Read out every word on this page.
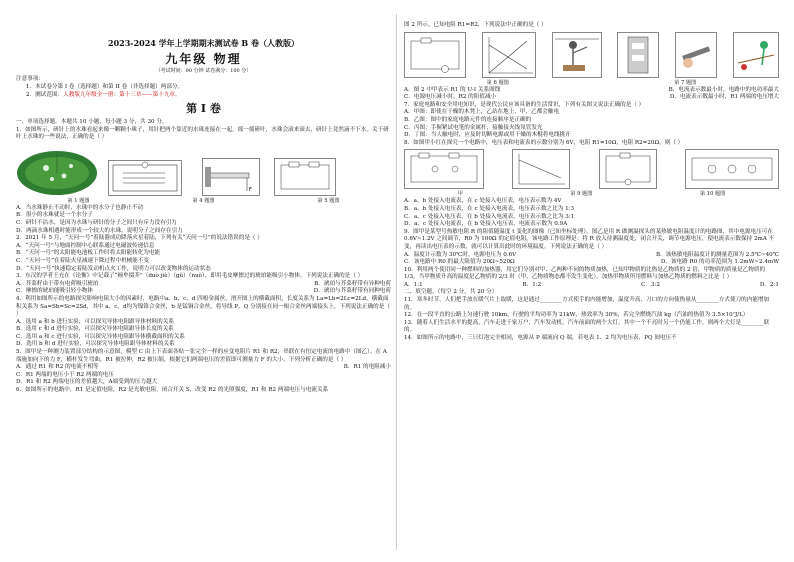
2023-2024 学年上学期期末测试卷 B 卷（人教版）
九年级 物理
（考试时间：90 分钟 试卷满分：100 分）

注意事项：

1．本试卷分第 I 卷（选择题）和第 II 卷（非选择题）两部分。

2．测试范围：人教版九年级全一册：第十三章——第十九章。

第 I 卷

一、单项选择题。本题共 10 小题，每小题 3 分，共 30 分。

1．如图所示，研针上的水珠看起来像一颗颗小珠子，用针把两个靠近的水珠连接在一起，摇一摇研叶，水珠会滚来滚去，研针上竟然滴不下水。关于研叶上水珠的一些说法，正确的是（ ）

F
第 1 题图	第 4 题图	第 5 题图

A．当水珠静止不动时，水珠中的水分子也静止不动

B．很小的水珠就是一个水分子

C．研针不沾水，是因为水珠与研针的分子之间只有斥力没有引力

D．两滴水珠相遇时能形成一个较大的水珠，说明分子之间存在引力

2．2021 年 5 月，“天问一号”着陆器成功降落火星着陆，下列有关“天问一号”的说法错误的是（ ）

A．“天问一号”与地面控制中心联系通过电磁波传递信息

B．“天问一号”的太阳能电池板工作时将太阳能转化为电能

C．“天问一号”在着陆火星减速下降过程中机械能不变

D．“天问一号”执速稳定着陆发动机点火工作，说明力可以改变物体的运动状态

3．东汉的学者王充在《论衡》中记载了“顿牟掇芥”（duò jiè）（gǔ）（nuò），即用毛皮摩擦过的琥珀能吸引小物体。下列说法正确的是（ ）

A．芥菜籽由于带有电荷吸引琥珀	B．琥珀与芥菜籽带有异种电荷
C．摩擦的琥珀能吸引轻小物体	D．琥珀与芥菜籽带有同种电荷

4．利用如图所示的电路探究影响电阻大小的因素时，电路中a、b、c、d 四根金属丝，滑开图上的横截面积，长度关系为 La=Lb=2Lc=2Ld，横截面积关系为 Sa=Sb=Sc=2Sd，其中 a、c、d均为镍铬合金丝，b 是锰铜合金丝，将导线 P、Q 分别接在同一根合金丝两端接头上，下列说法正确的是（ ）

A．选用 a 和 b 进行实验，可以探究导体电阻跟导体材料的关系

B．选用 c 和 d 进行实验，可以探究导体电阻跟导体长度的关系

C．选用 a 和 c 进行实验，可以探究导体电阻跟导体横截面积的关系

D．选用 b 和 d 进行实验，可以探究导体电阻跟导体材料的关系

5．图甲是一种测力装置部分结构的示意图，模型 C 由上下表面各贴一张完全一样的应变电阻片 R1 和 R2，串联在有恒定电流的电路中（图乙）。在 A 端施加向下的力 F，横杆发生弯曲，R1 被拉伸，R2 被压缩，根据它们两端电压的差值即可测量力 F 的大小。下列分析正确的是（ ）

A．通过 R1 和 R2 的电流不相等	B．R1 的电阻减小

C．R1 两端的电压小于 R2 两端的电压

D．R1 和 R2 两端电压的差值越大，A端受到的压力越大

6．如图所示的电路中，R1 是定值电阻，R2 是光敏电阻，闭合开关 S，改变 R2 的光照强度，R1 和 R2 两端电压与电流关系

图 2 所示。已知电阻 R1=R2，下列说法中正确的是（ ）

第 6 题图	第 7 题图
A．图 2 中甲表示 R1 的 U-I 关系图线	B．电流表示数最小时，电路中的电功率最大
C．电源电压减小时，R2 的阻值减小	D．电流表示数最小时，R1 两端的电压增大

7．家庭电路和安全用电知识，是现代公民应该具备的生活常识，下列有关图文说法正确的是（ ）

A．甲图：即使在干燥的木凳上，乙站在地上，甲、乙都会触电

B．乙图：图中的家庭电路元件的连接顺序是正确的

C．丙图：手握紧试电笔的金属杆，接触接火线氖管发光

D．丁图：当人触电时，应及时切断电源或用干燥的木棍将电线挑开

8．如图甲小红在探究一个电路中，电压表和电流表的示数分别为 6V，电阻 R1=10Ω，电阻 R2=20Ω，则（ ）

甲	第 9 题图	第 10 题图

A．a、b 处接入电流表，在 c 处接入电压表，电压表示数为 4V

B．a、b 处接入电压表，在 c 处接入电流表，电压表示数之比为 1:3

C．a、c 处接入电压表，在 b 处接入电流表，电压表示数之比为 3:1

D．a、c 处接入电流表，在 b 处接入电压表，电流表示数为 0.9A

9．图甲是某型号热敏电阻 R 的阻值随温度 t 变化的图像（已知坐标处理）。图乙是用 R 做测温探头的某热敏电阻温度计的电路图，其中电源电压可在 0.6V~1.2V 之间调节，R0 为 100Ω 的定值电阻。该电路工作原理是：将 R 放入待测温度处，闭合开关，调节电源电压，使电流表示数保持 2mA 不变，再读出电压表的示数，就可以计算出此时的环境温度。下列说法正确的是（ ）

A．温度计示数为 30℃时，电源电压为 0.6V	B．该热敏电阻温度计的测量范围为 2.5℃~40℃
C．该电路中 R0 的最大阻值为 20Ω~520Ω	D．该电路 R0 的功率范围为 1.2mW~2.4mW

10．利用两个使用同一种燃料的加热器，用它们分别对甲、乙两种不同的物质加热，已知甲物质的比热是乙物质的 2 倍，甲物质的质量是乙物质的 1/3，当甲物质升高的温度是乙物质的 2/3 时（甲、乙物质物态都不发生变化），加热甲物质所用燃料与加热乙物质的燃料之比是（ ）

A．1:1	B．1:2	C．3:2	D．2:1

二、填空题。（每空 2 分，共 20 分）

11．寒冬时节，人们把手放在暖气片上取暖，这是通过________方式使手的内能增加，温度升高，刀口的方向使热量从________方式使刀的内能增加的。

12．在一段平直的公路上匀速行驶 10km，行驶的平均功率为 21kW，热效率为 30%，若完全燃烧汽油 kg（汽油的热值为 3.5×10⁷J/L）

13．随着人们生活水平的提高，汽车走进千家万户，汽车发动机，汽车前面的两个大灯，其中一个不亮时另一个仍能工作，则两个大灯是________联的。

14．如图所示的电路中，三只灯泡完全相同，电源从 P 端流向 Q 端，若电表 1、2 均为电压表，PQ 间电压不
